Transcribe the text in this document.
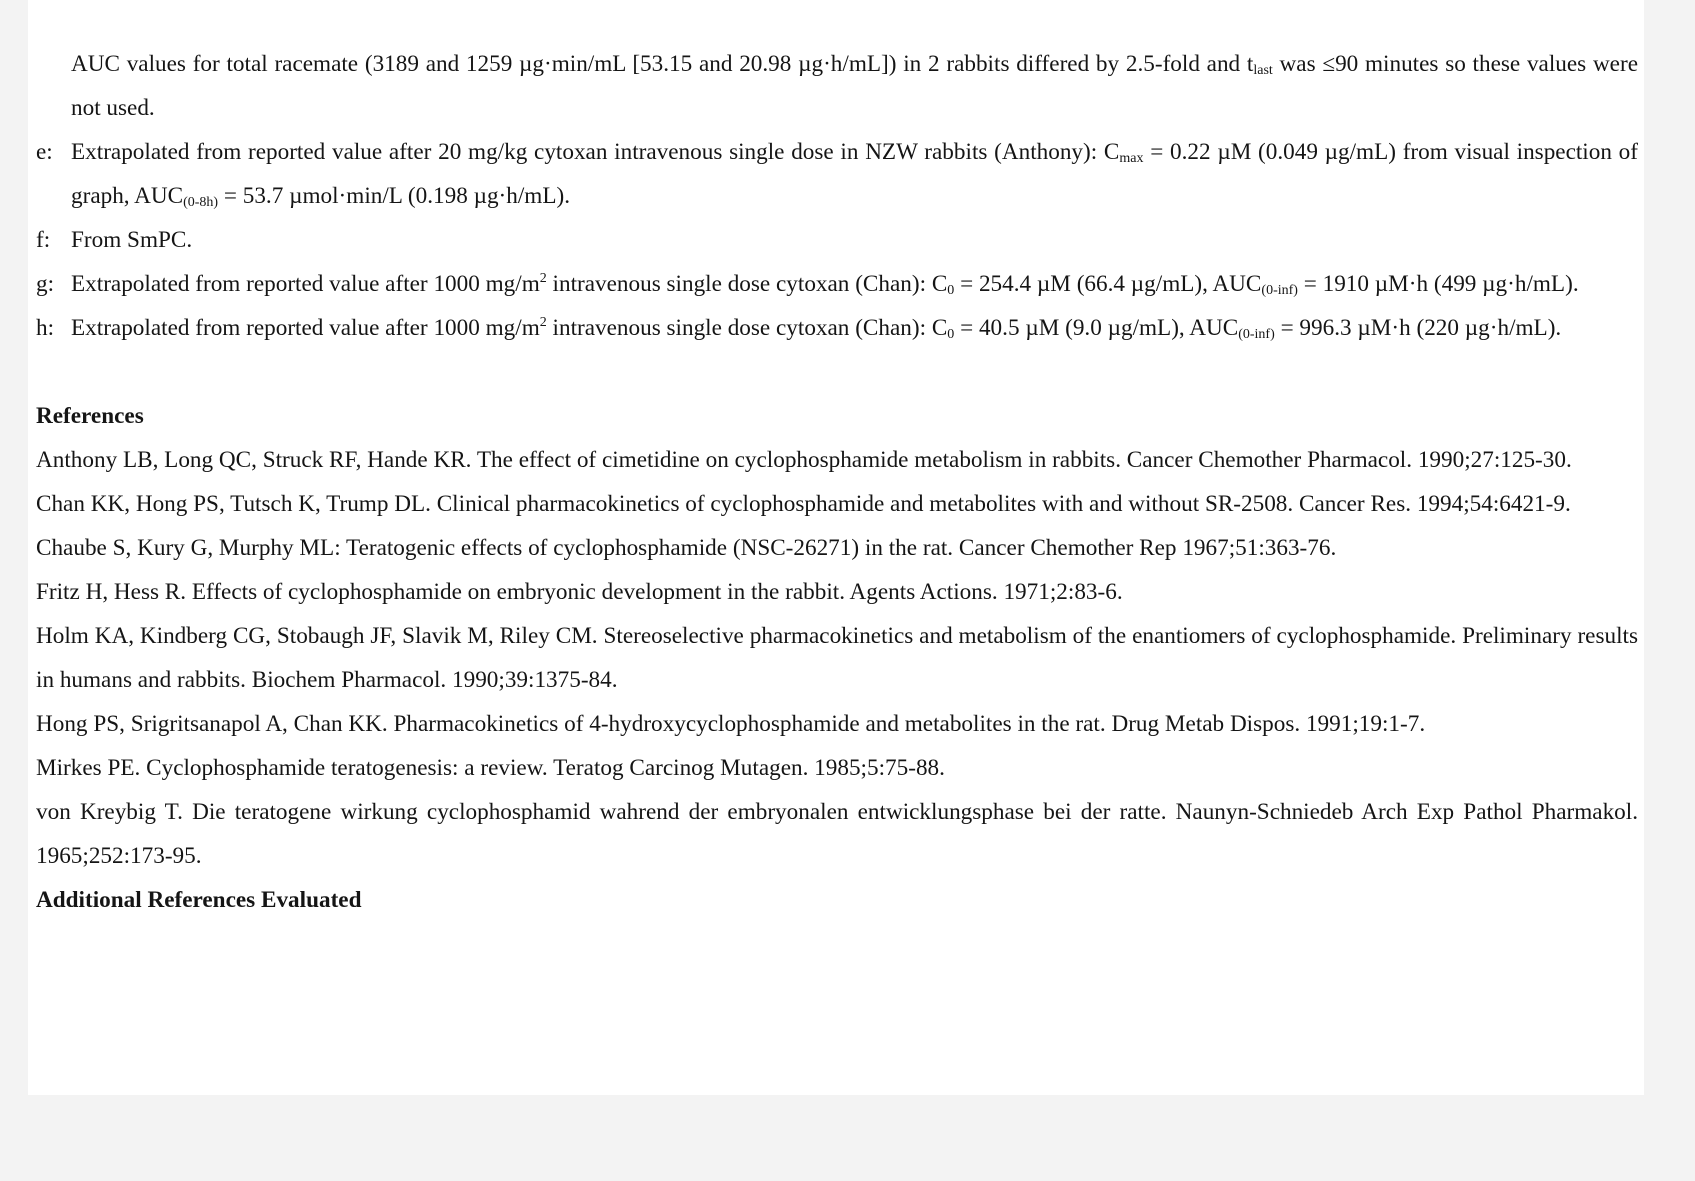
AUC values for total racemate (3189 and 1259 µg·min/mL [53.15 and 20.98 µg·h/mL]) in 2 rabbits differed by 2.5-fold and $t_{last}$ was ≤90 minutes so these values were not used.

e: Extrapolated from reported value after 20 mg/kg cytoxan intravenous single dose in NZW rabbits (Anthony): $C_{max} = 0.22$ µM (0.049 µg/mL) from visual inspection of graph, $AUC_{(0-8h)} = 53.7$ µmol·min/L (0.198 µg·h/mL).

f: From SmPC.

g: Extrapolated from reported value after 1000 $mg/m^2$ intravenous single dose cytoxan (Chan): $C_0 = 254.4$ µM (66.4 µg/mL), $AUC_{(0-inf)} = 1910$ µM·h (499 µg·h/mL).

h: Extrapolated from reported value after 1000 $mg/m^2$ intravenous single dose cytoxan (Chan): $C_0 = 40.5$ µM (9.0 µg/mL), $AUC_{(0-inf)} = 996.3$ µM·h (220 µg·h/mL).

References

Anthony LB, Long QC, Struck RF, Hande KR. The effect of cimetidine on cyclophosphamide metabolism in rabbits. Cancer Chemother Pharmacol. 1990;27:125-30.

Chan KK, Hong PS, Tutsch K, Trump DL. Clinical pharmacokinetics of cyclophosphamide and metabolites with and without SR-2508. Cancer Res. 1994;54:6421-9.

Chaube S, Kury G, Murphy ML: Teratogenic effects of cyclophosphamide (NSC-26271) in the rat. Cancer Chemother Rep 1967;51:363-76.

Fritz H, Hess R. Effects of cyclophosphamide on embryonic development in the rabbit. Agents Actions. 1971;2:83-6.

Holm KA, Kindberg CG, Stobaugh JF, Slavik M, Riley CM. Stereoselective pharmacokinetics and metabolism of the enantiomers of cyclophosphamide. Preliminary results in humans and rabbits. Biochem Pharmacol. 1990;39:1375-84.

Hong PS, Srigritsanapol A, Chan KK. Pharmacokinetics of 4-hydroxycyclophosphamide and metabolites in the rat. Drug Metab Dispos. 1991;19:1-7.

Mirkes PE. Cyclophosphamide teratogenesis: a review. Teratog Carcinog Mutagen. 1985;5:75-88.

von Kreybig T. Die teratogene wirkung cyclophosphamid wahrend der embryonalen entwicklungsphase bei der ratte. Naunyn-Schniedeb Arch Exp Pathol Pharmakol. 1965;252:173-95.

Additional References Evaluated
